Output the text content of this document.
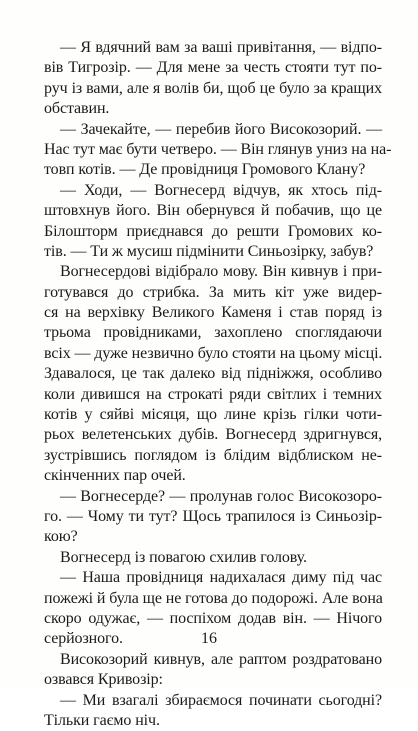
— Я вдячний вам за ваші привітання, — відпо-
вів Тигрозір. — Для мене за честь стояти тут по-
руч із вами, але я волів би, щоб це було за кращих
обставин.
— Зачекайте, — перебив його Високозорий. —
Нас тут має бути четверо. — Він глянув униз на на-
товп котів. — Де провідниця Громового Клану?
— Ходи, — Вогнесерд відчув, як хтось під-
штовхнув його. Він обернувся й побачив, що це
Білошторм приєднався до решти Громових ко-
тів. — Ти ж мусиш підмінити Синьозірку, забув?
Вогнесердові відібрало мову. Він кивнув і при-
готувався до стрибка. За мить кіт уже видер-
ся на верхівку Великого Каменя і став поряд із
трьома провідниками, захоплено споглядаючи
всіх — дуже незвично було стояти на цьому місці.
Здавалося, це так далеко від підніжжя, особливо
коли дивишся на строкаті ряди світлих і темних
котів у сяйві місяця, що лине крізь гілки чоти-
рьох велетенських дубів. Вогнесерд здригнувся,
зустрівшись поглядом із блідим відблиском не-
скінченних пар очей.
— Вогнесерде? — пролунав голос Високозоро-
го. — Чому ти тут? Щось трапилося із Синьозір-
кою?
Вогнесерд із повагою схилив голову.
— Наша провідниця надихалася диму під час
пожежі й була ще не готова до подорожі. Але вона
скоро одужає, — поспіхом додав він. — Нічого
серйозного.
Високозорий кивнув, але раптом роздратовано
озвався Кривозір:
— Ми взагалі збираємося починати сьогодні?
Тільки гаємо ніч.
16
